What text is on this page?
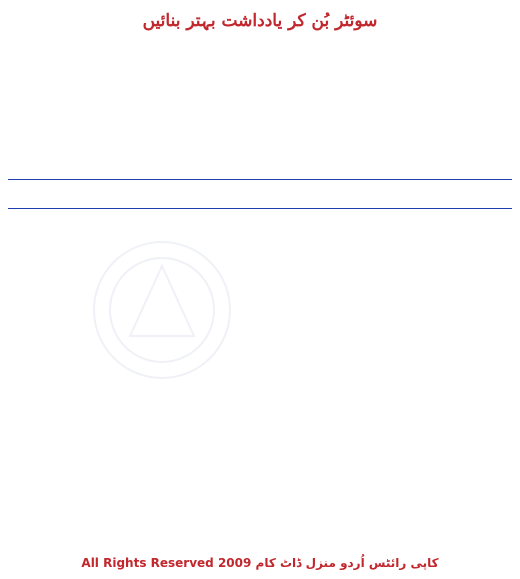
سوئٹر بُن کر یادداشت بہتر بنائیں
All Rights Reserved 2009 کاپی رائٹس اُردو منزل ڈاٹ کام
